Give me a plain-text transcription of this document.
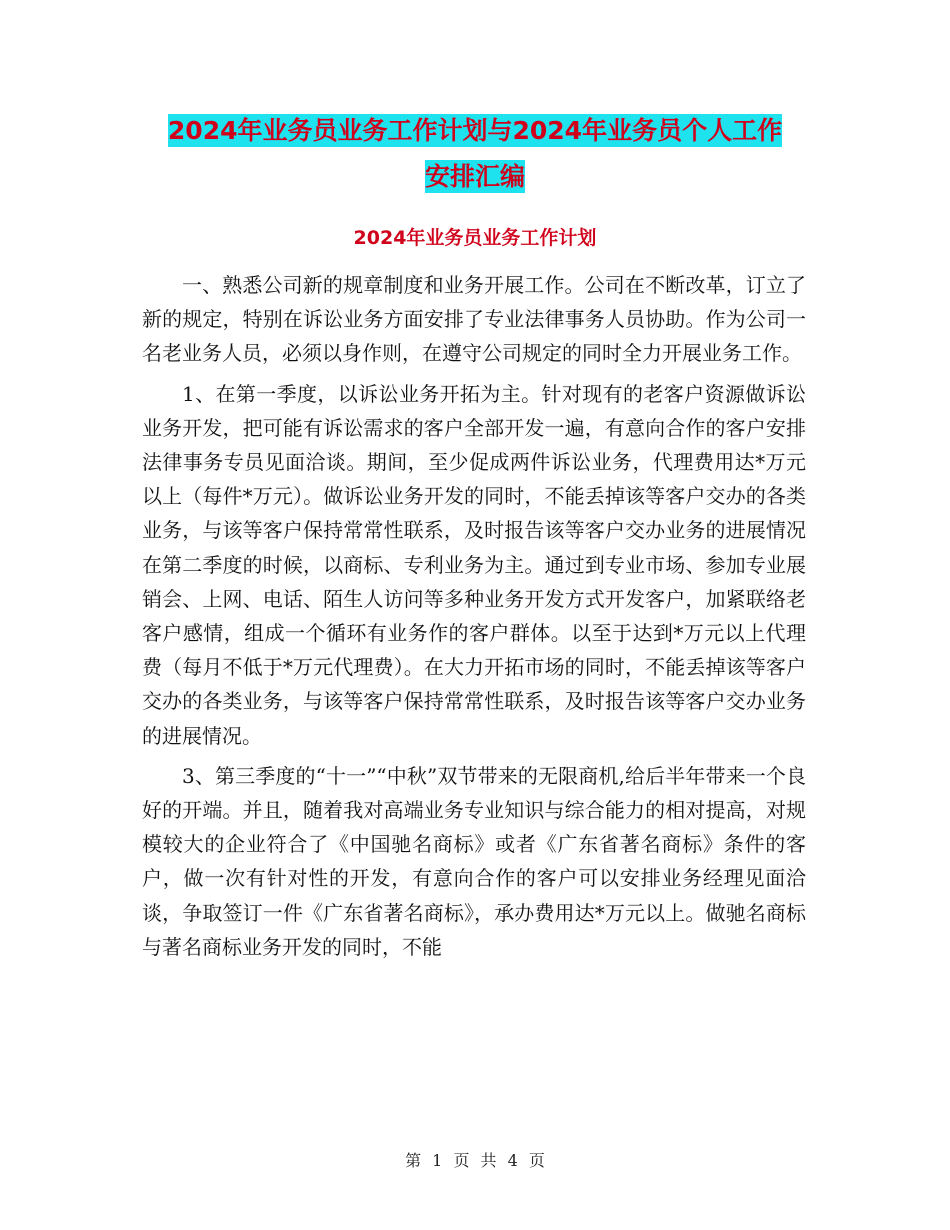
2024年业务员业务工作计划与2024年业务员个人工作
安排汇编
2024年业务员业务工作计划

一、熟悉公司新的规章制度和业务开展工作。公司在不断改革，订立了新的规定，特别在诉讼业务方面安排了专业法律事务人员协助。作为公司一名老业务人员，必须以身作则，在遵守公司规定的同时全力开展业务工作。

1、在第一季度，以诉讼业务开拓为主。针对现有的老客户资源做诉讼业务开发，把可能有诉讼需求的客户全部开发一遍，有意向合作的客户安排法律事务专员见面洽谈。期间，至少促成两件诉讼业务，代理费用达*万元以上（每件*万元）。做诉讼业务开发的同时，不能丢掉该等客户交办的各类业务，与该等客户保持常常性联系，及时报告该等客户交办业务的进展情况在第二季度的时候，以商标、专利业务为主。通过到专业市场、参加专业展销会、上网、电话、陌生人访问等多种业务开发方式开发客户，加紧联络老客户感情，组成一个循环有业务作的客户群体。以至于达到*万元以上代理费（每月不低于*万元代理费）。在大力开拓市场的同时，不能丢掉该等客户交办的各类业务，与该等客户保持常常性联系，及时报告该等客户交办业务的进展情况。

3、第三季度的“十一”“中秋”双节带来的无限商机,给后半年带来一个良好的开端。并且，随着我对高端业务专业知识与综合能力的相对提高，对规模较大的企业符合了《中国驰名商标》或者《广东省著名商标》条件的客户，做一次有针对性的开发，有意向合作的客户可以安排业务经理见面洽谈，争取签订一件《广东省著名商标》，承办费用达*万元以上。做驰名商标与著名商标业务开发的同时，不能

第 1 页 共 4 页
